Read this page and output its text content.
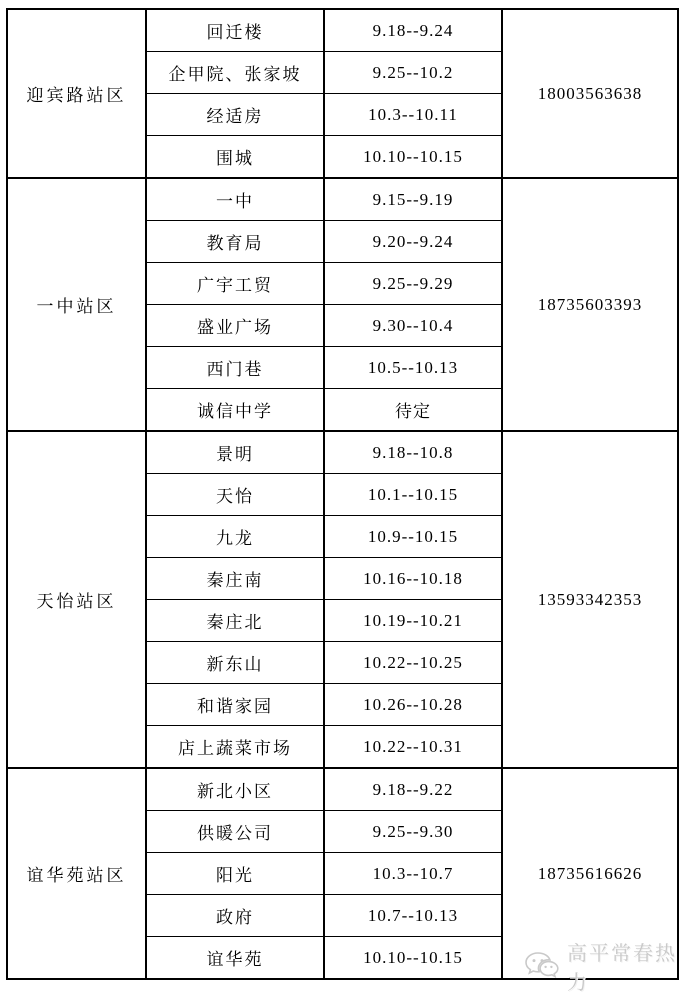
迎宾路站区	回迁楼	9.18--9.24	18003563638
	企甲院、张家坡	9.25--10.2	
	经适房	10.3--10.11	
	围城	10.10--10.15	
一中站区	一中	9.15--9.19	18735603393
	教育局	9.20--9.24	
	广宇工贸	9.25--9.29	
	盛业广场	9.30--10.4	
	西门巷	10.5--10.13	
	诚信中学	待定	
天怡站区	景明	9.18--10.8	13593342353
	天怡	10.1--10.15	
	九龙	10.9--10.15	
	秦庄南	10.16--10.18	
	秦庄北	10.19--10.21	
	新东山	10.22--10.25	
	和谐家园	10.26--10.28	
	店上蔬菜市场	10.22--10.31	
谊华苑站区	新北小区	9.18--9.22	18735616626
	供暖公司	9.25--9.30	
	阳光	10.3--10.7	
	政府	10.7--10.13	
	谊华苑	10.10--10.15		高平常春热力
